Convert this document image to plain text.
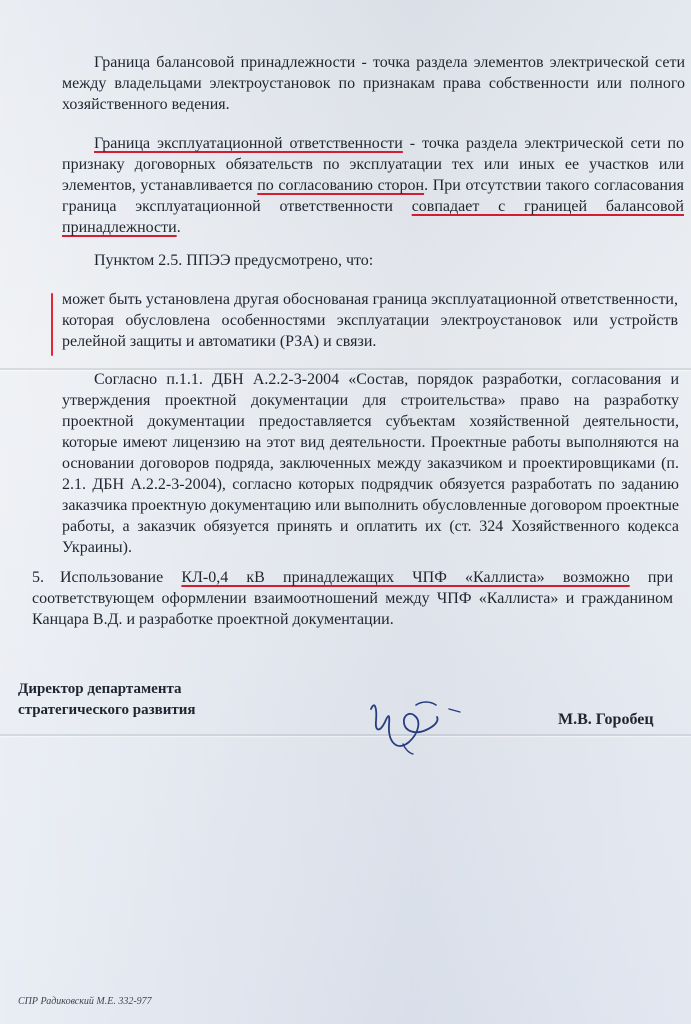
Граница балансовой принадлежности - точка раздела элементов электрической сети между владельцами электроустановок по признакам права собственности или полного хозяйственного ведения.

Граница эксплуатационной ответственности - точка раздела электрической сети по признаку договорных обязательств по эксплуатации тех или иных ее участков или элементов, устанавливается по согласованию сторон. При отсутствии такого согласования граница эксплуатационной ответственности совпадает с границей балансовой принадлежности.

Пунктом 2.5. ППЭЭ предусмотрено, что:

может быть установлена другая обоснованая граница эксплуатационной ответственности, которая обусловлена особенностями эксплуатации электроустановок или устройств релейной защиты и автоматики (РЗА) и связи.

Согласно п.1.1. ДБН А.2.2-3-2004 «Состав, порядок разработки, согласования и утверждения проектной документации для строительства» право на разработку проектной документации предоставляется субъектам хозяйственной деятельности, которые имеют лицензию на этот вид деятельности. Проектные работы выполняются на основании договоров подряда, заключенных между заказчиком и проектировщиками (п. 2.1. ДБН А.2.2-3-2004), согласно которых подрядчик обязуется разработать по заданию заказчика проектную документацию или выполнить обусловленные договором проектные работы, а заказчик обязуется принять и оплатить их (ст. 324 Хозяйственного кодекса Украины).

5. Использование КЛ-0,4 кВ принадлежащих ЧПФ «Каллиста» возможно при соответствующем оформлении взаимоотношений между ЧПФ «Каллиста» и гражданином Канцара В.Д. и разработке проектной документации.

Директор департамента
стратегического развития
М.В. Горобец
СПР Радиковский М.Е. 332-977
